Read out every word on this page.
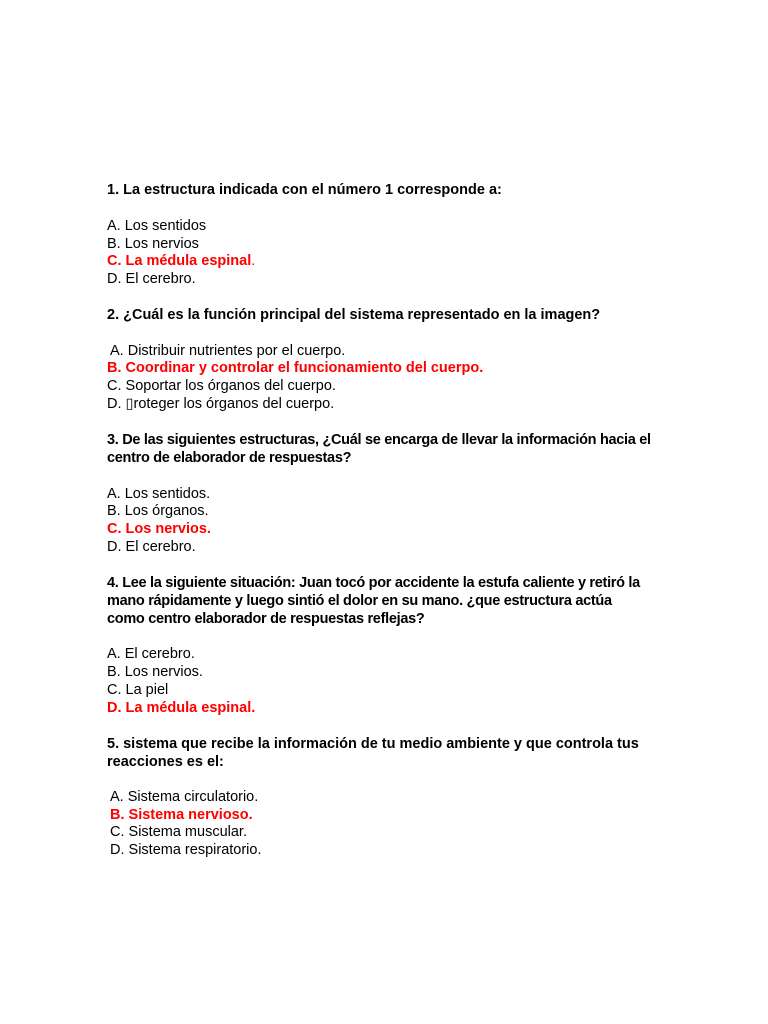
1. La estructura indicada con el número 1 corresponde a:

A. Los sentidos
B. Los nervios
C. La médula espinal.
D. El cerebro.

2. ¿Cuál es la función principal del sistema representado en la imagen?

A. Distribuir nutrientes por el cuerpo.
B. Coordinar y controlar el funcionamiento del cuerpo.
C. Soportar los órganos del cuerpo.
D. ▯roteger los órganos del cuerpo.

3. De las siguientes estructuras, ¿Cuál se encarga de llevar la información hacia el centro de elaborador de respuestas?

A. Los sentidos.
B. Los órganos.
C. Los nervios.
D. El cerebro.

4. Lee la siguiente situación: Juan tocó por accidente la estufa caliente y retiró la mano rápidamente y luego sintió el dolor en su mano. ¿que estructura actúa como centro elaborador de respuestas reflejas?

A. El cerebro.
B. Los nervios.
C. La piel
D. La médula espinal.

5. sistema que recibe la información de tu medio ambiente y que controla tus reacciones es el:

A. Sistema circulatorio.
B. Sistema nervioso.
C. Sistema muscular.
D. Sistema respiratorio.
